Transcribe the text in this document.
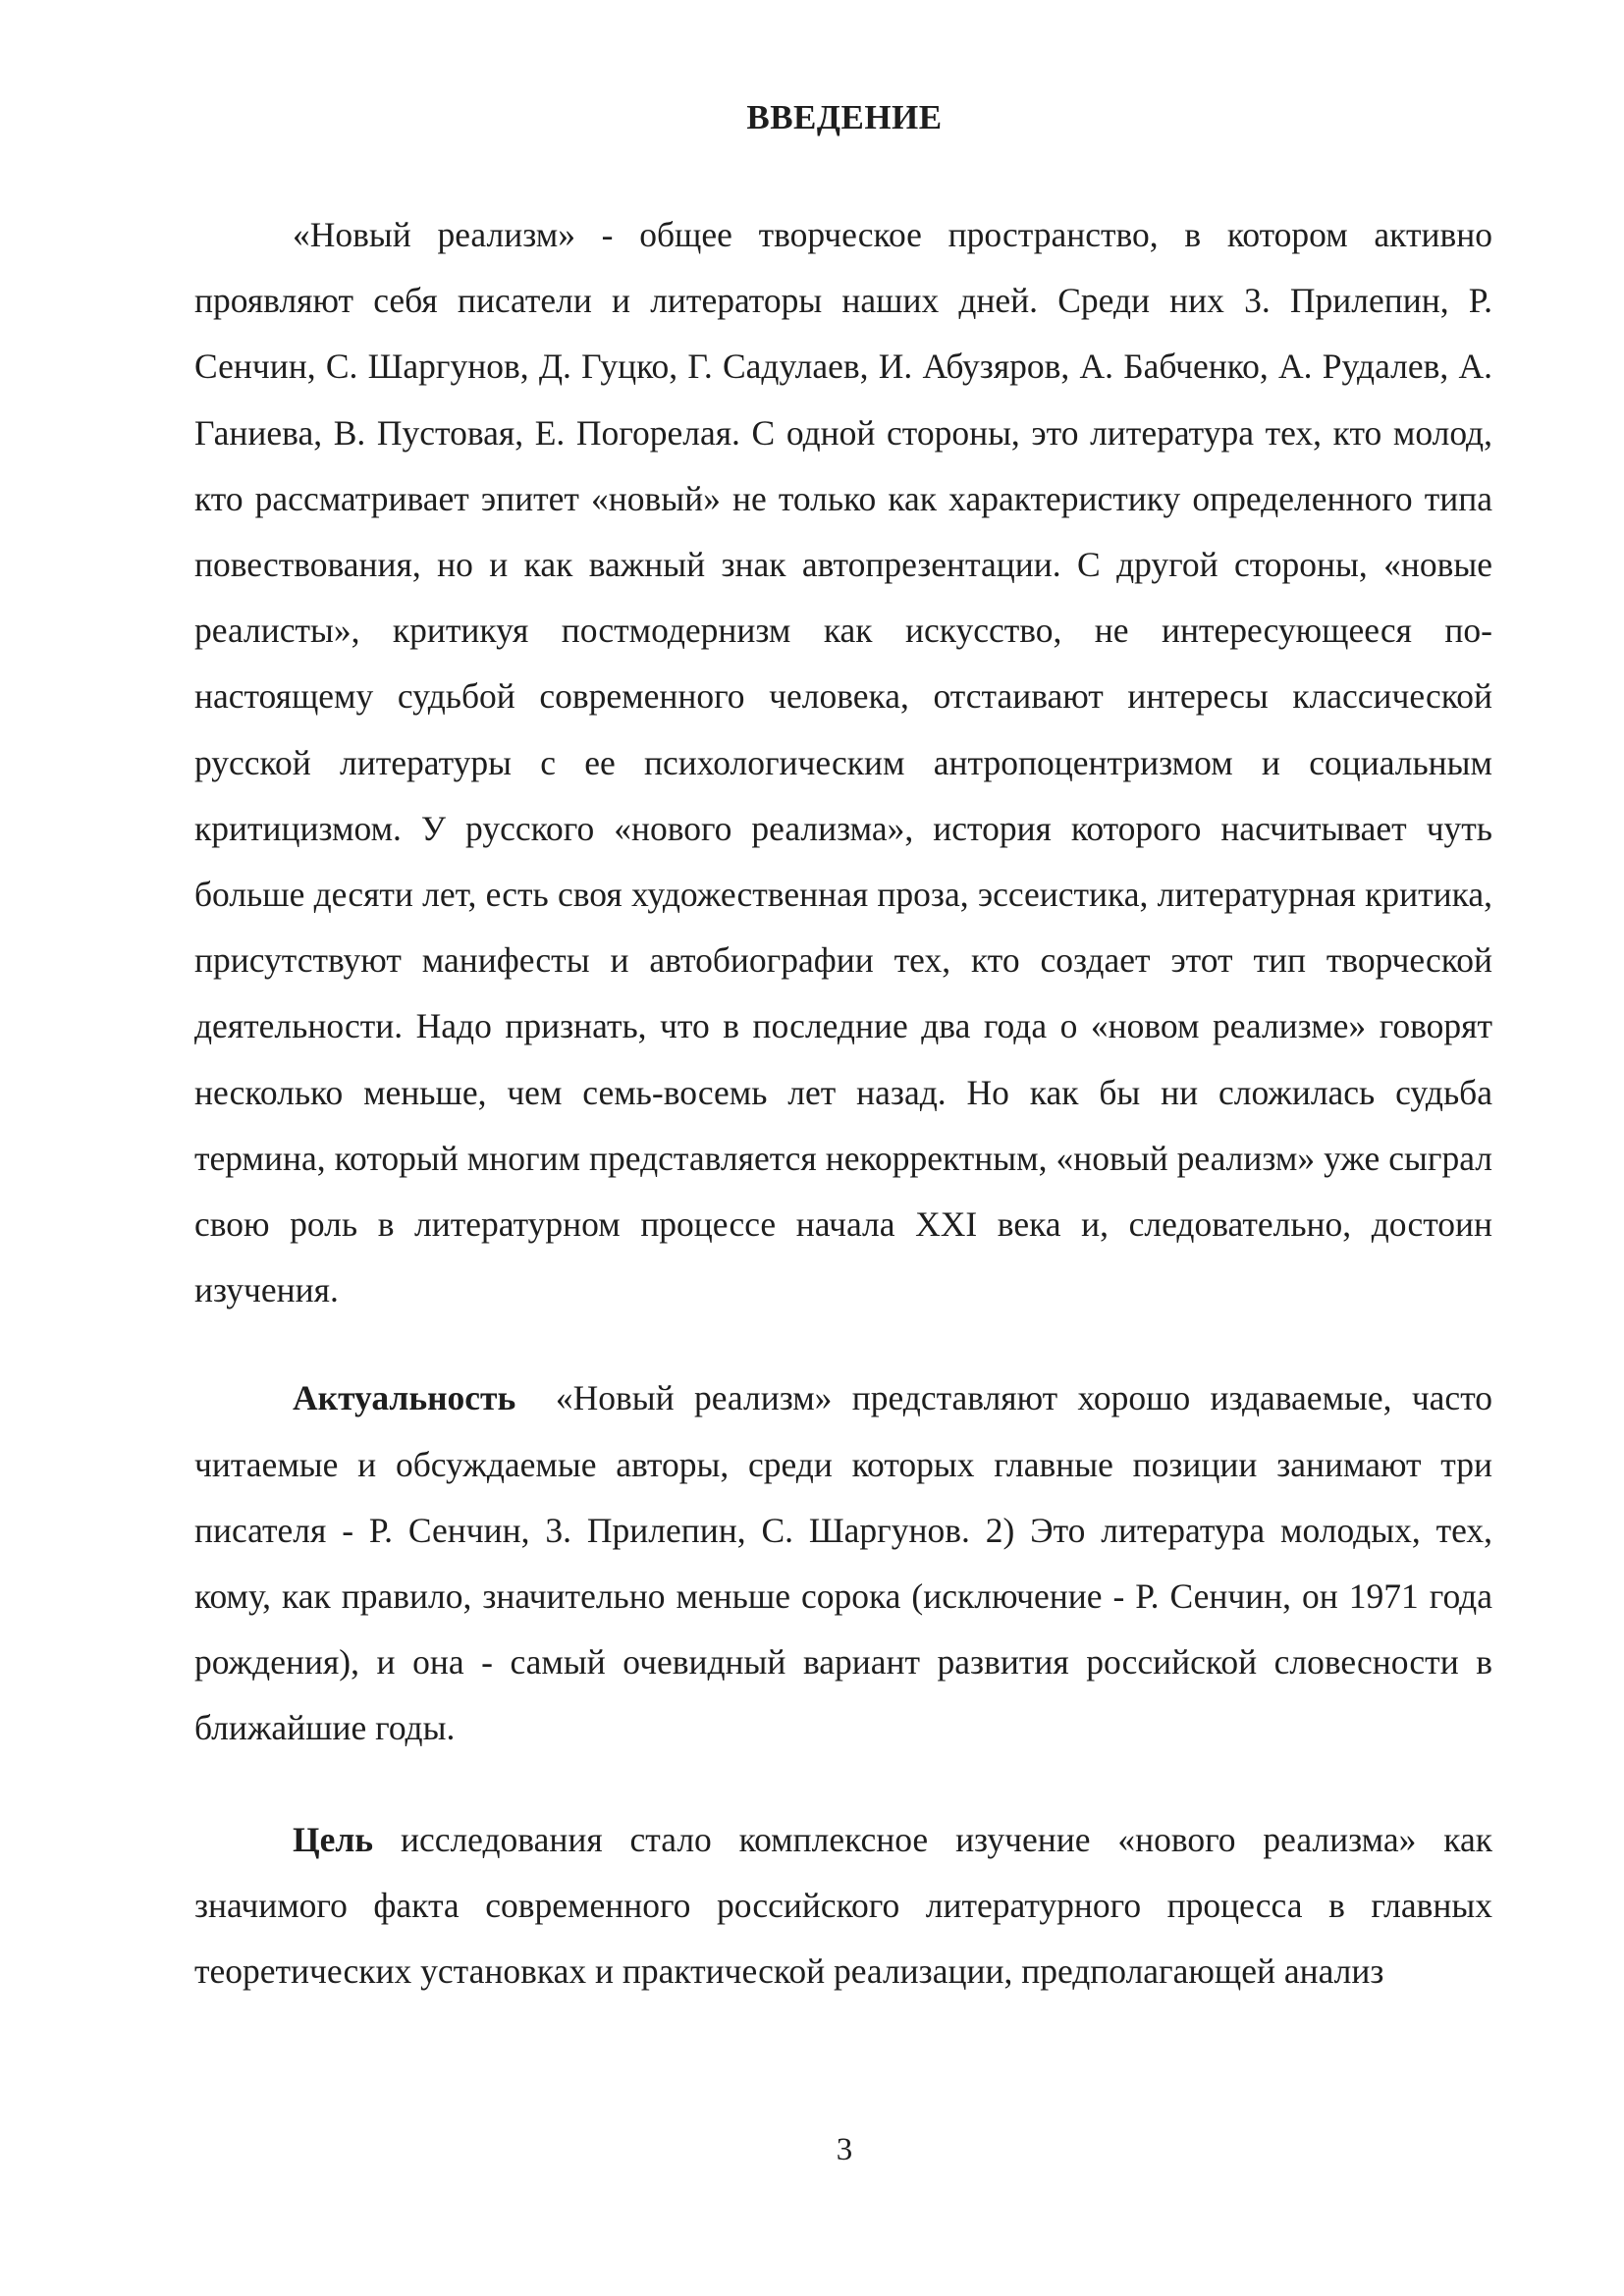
ВВЕДЕНИЕ

«Новый реализм» - общее творческое пространство, в котором активно проявляют себя писатели и литераторы наших дней. Среди них 3. Прилепин, Р. Сенчин, С. Шаргунов, Д. Гуцко, Г. Садулаев, И. Абузяров, А. Бабченко, А. Рудалев, А. Ганиева, В. Пустовая, Е. Погорелая. С одной стороны, это литература тех, кто молод, кто рассматривает эпитет «новый» не только как характеристику определенного типа повествования, но и как важный знак автопрезентации. С другой стороны, «новые реалисты», критикуя постмодернизм как искусство, не интересующееся по-настоящему судьбой современного человека, отстаивают интересы классической русской литературы с ее психологическим антропоцентризмом и социальным критицизмом. У русского «нового реализма», история которого насчитывает чуть больше десяти лет, есть своя художественная проза, эссеистика, литературная критика, присутствуют манифесты и автобиографии тех, кто создает этот тип творческой деятельности. Надо признать, что в последние два года о «новом реализме» говорят несколько меньше, чем семь-восемь лет назад. Но как бы ни сложилась судьба термина, который многим представляется некорректным, «новый реализм» уже сыграл свою роль в литературном процессе начала XXI века и, следовательно, достоин изучения.

Актуальность «Новый реализм» представляют хорошо издаваемые, часто читаемые и обсуждаемые авторы, среди которых главные позиции занимают три писателя - Р. Сенчин, 3. Прилепин, С. Шаргунов. 2) Это литература молодых, тех, кому, как правило, значительно меньше сорока (исключение - Р. Сенчин, он 1971 года рождения), и она - самый очевидный вариант развития российской словесности в ближайшие годы.

Цель исследования стало комплексное изучение «нового реализма» как значимого факта современного российского литературного процесса в главных теоретических установках и практической реализации, предполагающей анализ

3
